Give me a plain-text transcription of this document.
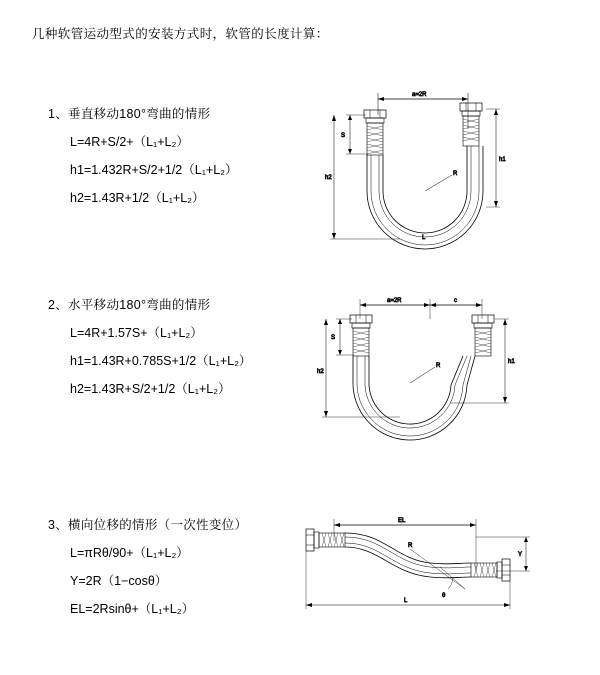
几种软管运动型式的安装方式时，软管的长度计算：
1、垂直移动180°弯曲的情形
L=4R+S/2+（L₁+L₂）
h1=1.432R+S/2+1/2（L₁+L₂）
h2=1.43R+1/2（L₁+L₂）
a=2R
R
h1
S
h2
L
2、水平移动180°弯曲的情形
L=4R+1.57S+（L₁+L₂）
h1=1.43R+0.785S+1/2（L₁+L₂）
h2=1.43R+S/2+1/2（L₁+L₂）
a=2R	c
R
S
h2
h1
3、横向位移的情形（一次性变位）
L=πRθ/90+（L₁+L₂）
Y=2R（1−cosθ）
EL=2Rsinθ+（L₁+L₂）
EL
L
Y
θ
R
